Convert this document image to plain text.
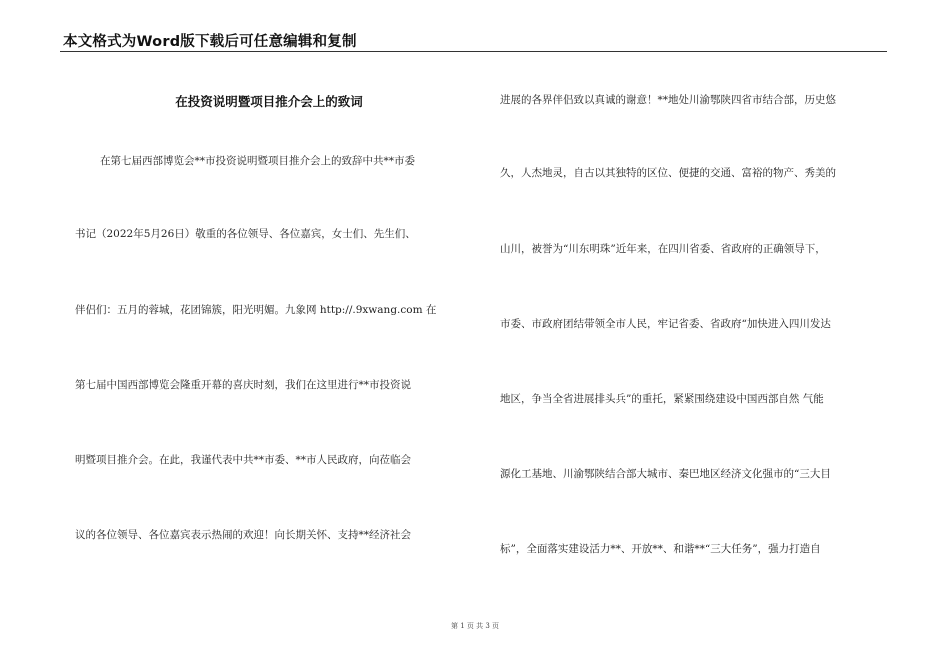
本文格式为Word版下载后可任意编辑和复制
在投资说明暨项目推介会上的致词
在第七届西部博览会**市投资说明暨项目推介会上的致辞中共**市委
书记（2022年5月26日）敬重的各位领导、各位嘉宾，女士们、先生们、
伴侣们：五月的蓉城，花团锦簇，阳光明媚。九象网 http://.9xwang.com 在
第七届中国西部博览会隆重开幕的喜庆时刻，我们在这里进行**市投资说
明暨项目推介会。在此，我谨代表中共**市委、**市人民政府，向莅临会
议的各位领导、各位嘉宾表示热闹的欢迎！向长期关怀、支持**经济社会
进展的各界伴侣致以真诚的谢意！**地处川渝鄂陕四省市结合部，历史悠
久，人杰地灵，自古以其独特的区位、便捷的交通、富裕的物产、秀美的
山川，被誉为“川东明珠”近年来，在四川省委、省政府的正确领导下，
市委、市政府团结带领全市人民，牢记省委、省政府“加快进入四川发达
地区，争当全省进展排头兵”的重托，紧紧围绕建设中国西部自然 气能
源化工基地、川渝鄂陕结合部大城市、秦巴地区经济文化强市的“三大目
标”，全面落实建设活力**、开放**、和谐**“三大任务”，强力打造自
第 1 页 共 3 页
